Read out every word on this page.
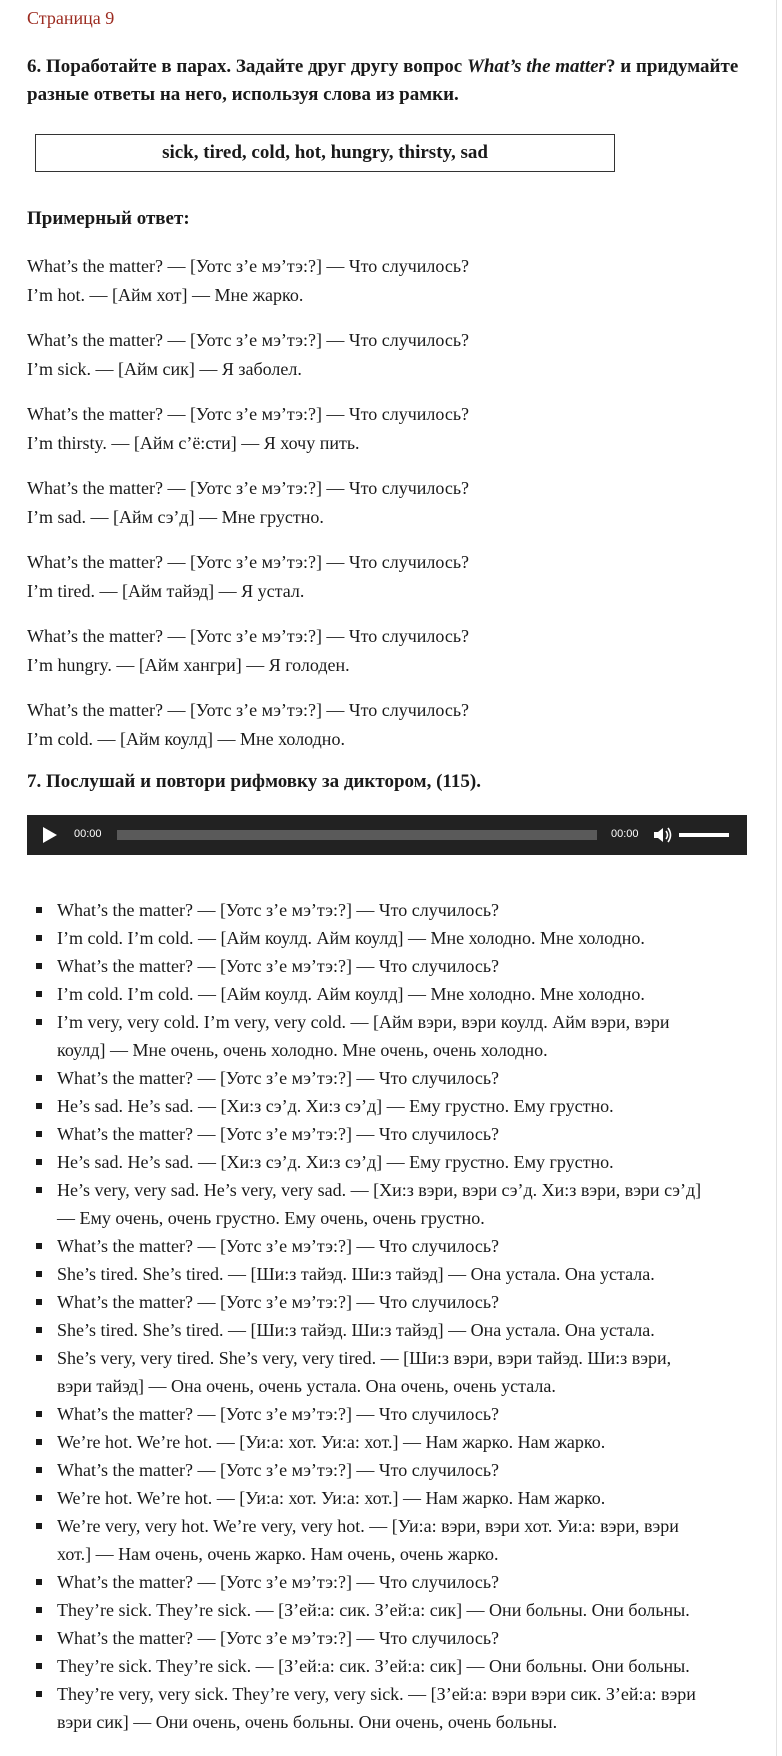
Страница 9
6. Поработайте в парах. Задайте друг другу вопрос What’s the matter? и придумайте разные ответы на него, используя слова из рамки.
sick, tired, cold, hot, hungry, thirsty, sad
Примерный ответ:
What’s the matter? — [Уотс з’е мэ’тэ:?] — Что случилось?
I’m hot. — [Айм хот] — Мне жарко.
What’s the matter? — [Уотс з’е мэ’тэ:?] — Что случилось?
I’m sick. — [Айм сик] — Я заболел.
What’s the matter? — [Уотс з’е мэ’тэ:?] — Что случилось?
I’m thirsty. — [Айм с’ё:сти] — Я хочу пить.
What’s the matter? — [Уотс з’е мэ’тэ:?] — Что случилось?
I’m sad. — [Айм сэ’д] — Мне грустно.
What’s the matter? — [Уотс з’е мэ’тэ:?] — Что случилось?
I’m tired. — [Айм тайэд] — Я устал.
What’s the matter? — [Уотс з’е мэ’тэ:?] — Что случилось?
I’m hungry. — [Айм хангри] — Я голоден.
What’s the matter? — [Уотс з’е мэ’тэ:?] — Что случилось?
I’m cold. — [Айм коулд] — Мне холодно.
7. Послушай и повтори рифмовку за диктором, (115).
00:00	00:00
What’s the matter? — [Уотс з’е мэ’тэ:?] — Что случилось?
I’m cold. I’m cold. — [Айм коулд. Айм коулд] — Мне холодно. Мне холодно.
What’s the matter? — [Уотс з’е мэ’тэ:?] — Что случилось?
I’m cold. I’m cold. — [Айм коулд. Айм коулд] — Мне холодно. Мне холодно.
I’m very, very cold. I’m very, very cold. — [Айм вэри, вэри коулд. Айм вэри, вэри
коулд] — Мне очень, очень холодно. Мне очень, очень холодно.
What’s the matter? — [Уотс з’е мэ’тэ:?] — Что случилось?
He’s sad. He’s sad. — [Хи:з сэ’д. Хи:з сэ’д] — Ему грустно. Ему грустно.
What’s the matter? — [Уотс з’е мэ’тэ:?] — Что случилось?
He’s sad. He’s sad. — [Хи:з сэ’д. Хи:з сэ’д] — Ему грустно. Ему грустно.
He’s very, very sad. He’s very, very sad. — [Хи:з вэри, вэри сэ’д. Хи:з вэри, вэри сэ’д]
— Ему очень, очень грустно. Ему очень, очень грустно.
What’s the matter? — [Уотс з’е мэ’тэ:?] — Что случилось?
She’s tired. She’s tired. — [Ши:з тайэд. Ши:з тайэд] — Она устала. Она устала.
What’s the matter? — [Уотс з’е мэ’тэ:?] — Что случилось?
She’s tired. She’s tired. — [Ши:з тайэд. Ши:з тайэд] — Она устала. Она устала.
She’s very, very tired. She’s very, very tired. — [Ши:з вэри, вэри тайэд. Ши:з вэри,
вэри тайэд] — Она очень, очень устала. Она очень, очень устала.
What’s the matter? — [Уотс з’е мэ’тэ:?] — Что случилось?
We’re hot. We’re hot. — [Уи:а: хот. Уи:а: хот.] — Нам жарко. Нам жарко.
What’s the matter? — [Уотс з’е мэ’тэ:?] — Что случилось?
We’re hot. We’re hot. — [Уи:а: хот. Уи:а: хот.] — Нам жарко. Нам жарко.
We’re very, very hot. We’re very, very hot. — [Уи:а: вэри, вэри хот. Уи:а: вэри, вэри
хот.] — Нам очень, очень жарко. Нам очень, очень жарко.
What’s the matter? — [Уотс з’е мэ’тэ:?] — Что случилось?
They’re sick. They’re sick. — [З’ей:а: сик. З’ей:а: сик] — Они больны. Они больны.
What’s the matter? — [Уотс з’е мэ’тэ:?] — Что случилось?
They’re sick. They’re sick. — [З’ей:а: сик. З’ей:а: сик] — Они больны. Они больны.
They’re very, very sick. They’re very, very sick. — [З’ей:а: вэри вэри сик. З’ей:а: вэри
вэри сик] — Они очень, очень больны. Они очень, очень больны.
